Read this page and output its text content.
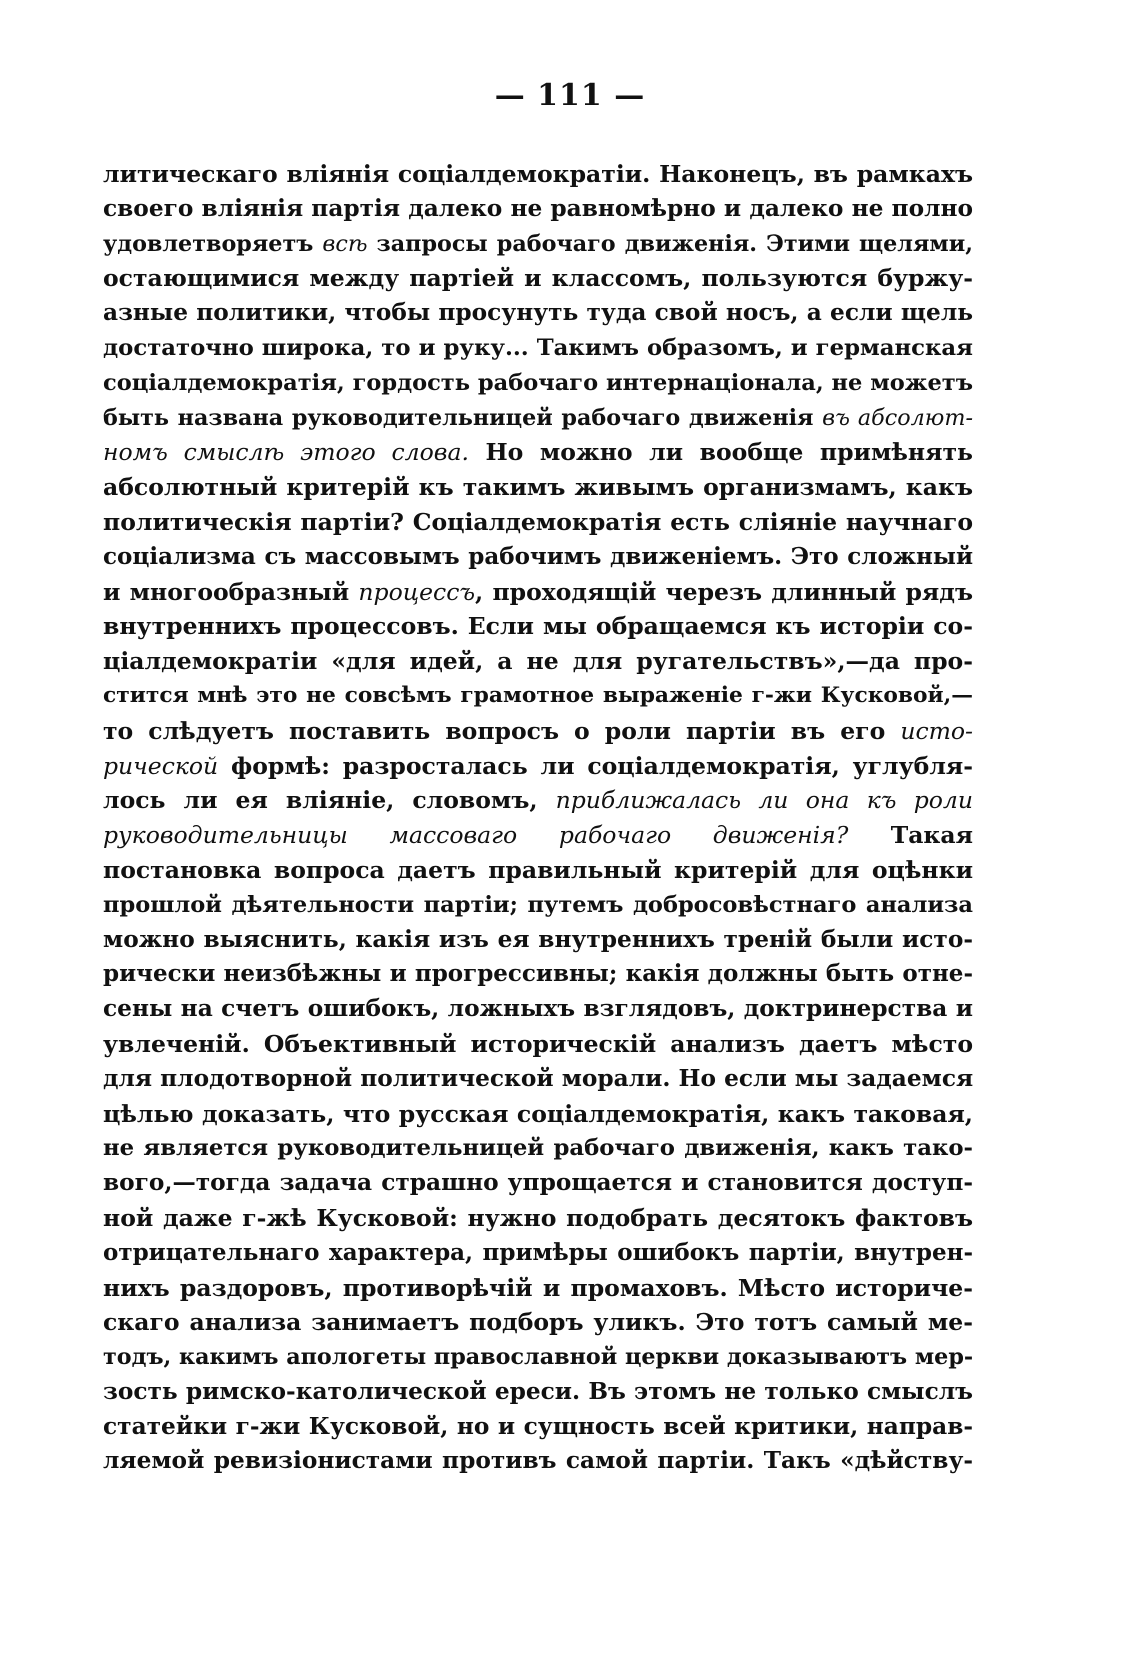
— 111 —
литическаго вліянія соціалдемократіи. Наконецъ, въ рамкахъ
своего вліянія партія далеко не равномѣрно и далеко не полно
удовлетворяетъ всѣ запросы рабочаго движенія. Этими щелями,
остающимися между партіей и классомъ, пользуются буржу-
азные политики, чтобы просунуть туда свой носъ, а если щель
достаточно широка, то и руку... Такимъ образомъ, и германская
соціалдемократія, гордость рабочаго интернаціонала, не можетъ
быть названа руководительницей рабочаго движенія въ абсолют-
номъ смыслѣ этого слова. Но можно ли вообще примѣнять
абсолютный критерій къ такимъ живымъ организмамъ, какъ
политическія партіи? Соціалдемократія есть сліяніе научнаго
соціализма съ массовымъ рабочимъ движеніемъ. Это сложный
и многообразный процессъ, проходящій черезъ длинный рядъ
внутреннихъ процессовъ. Если мы обращаемся къ исторіи со-
ціалдемократіи «для идей, а не для ругательствъ»,—да про-
стится мнѣ это не совсѣмъ грамотное выраженіе г-жи Кусковой,—
то слѣдуетъ поставить вопросъ о роли партіи въ его исто-
рической формѣ: разросталась ли соціалдемократія, углубля-
лось ли ея вліяніе, словомъ, приближалась ли она къ роли
руководительницы массоваго рабочаго движенія? Такая
постановка вопроса даетъ правильный критерій для оцѣнки
прошлой дѣятельности партіи; путемъ добросовѣстнаго анализа
можно выяснить, какія изъ ея внутреннихъ треній были исто-
рически неизбѣжны и прогрессивны; какія должны быть отне-
сены на счетъ ошибокъ, ложныхъ взглядовъ, доктринерства и
увлеченій. Объективный историческій анализъ даетъ мѣсто
для плодотворной политической морали. Но если мы задаемся
цѣлью доказать, что русская соціалдемократія, какъ таковая,
не является руководительницей рабочаго движенія, какъ тако-
вого,—тогда задача страшно упрощается и становится доступ-
ной даже г-жѣ Кусковой: нужно подобрать десятокъ фактовъ
отрицательнаго характера, примѣры ошибокъ партіи, внутрен-
нихъ раздоровъ, противорѣчій и промаховъ. Мѣсто историче-
скаго анализа занимаетъ подборъ уликъ. Это тотъ самый ме-
тодъ, какимъ апологеты православной церкви доказываютъ мер-
зость римско-католической ереси. Въ этомъ не только смыслъ
статейки г-жи Кусковой, но и сущность всей критики, направ-
ляемой ревизіонистами противъ самой партіи. Такъ «дѣйству-
